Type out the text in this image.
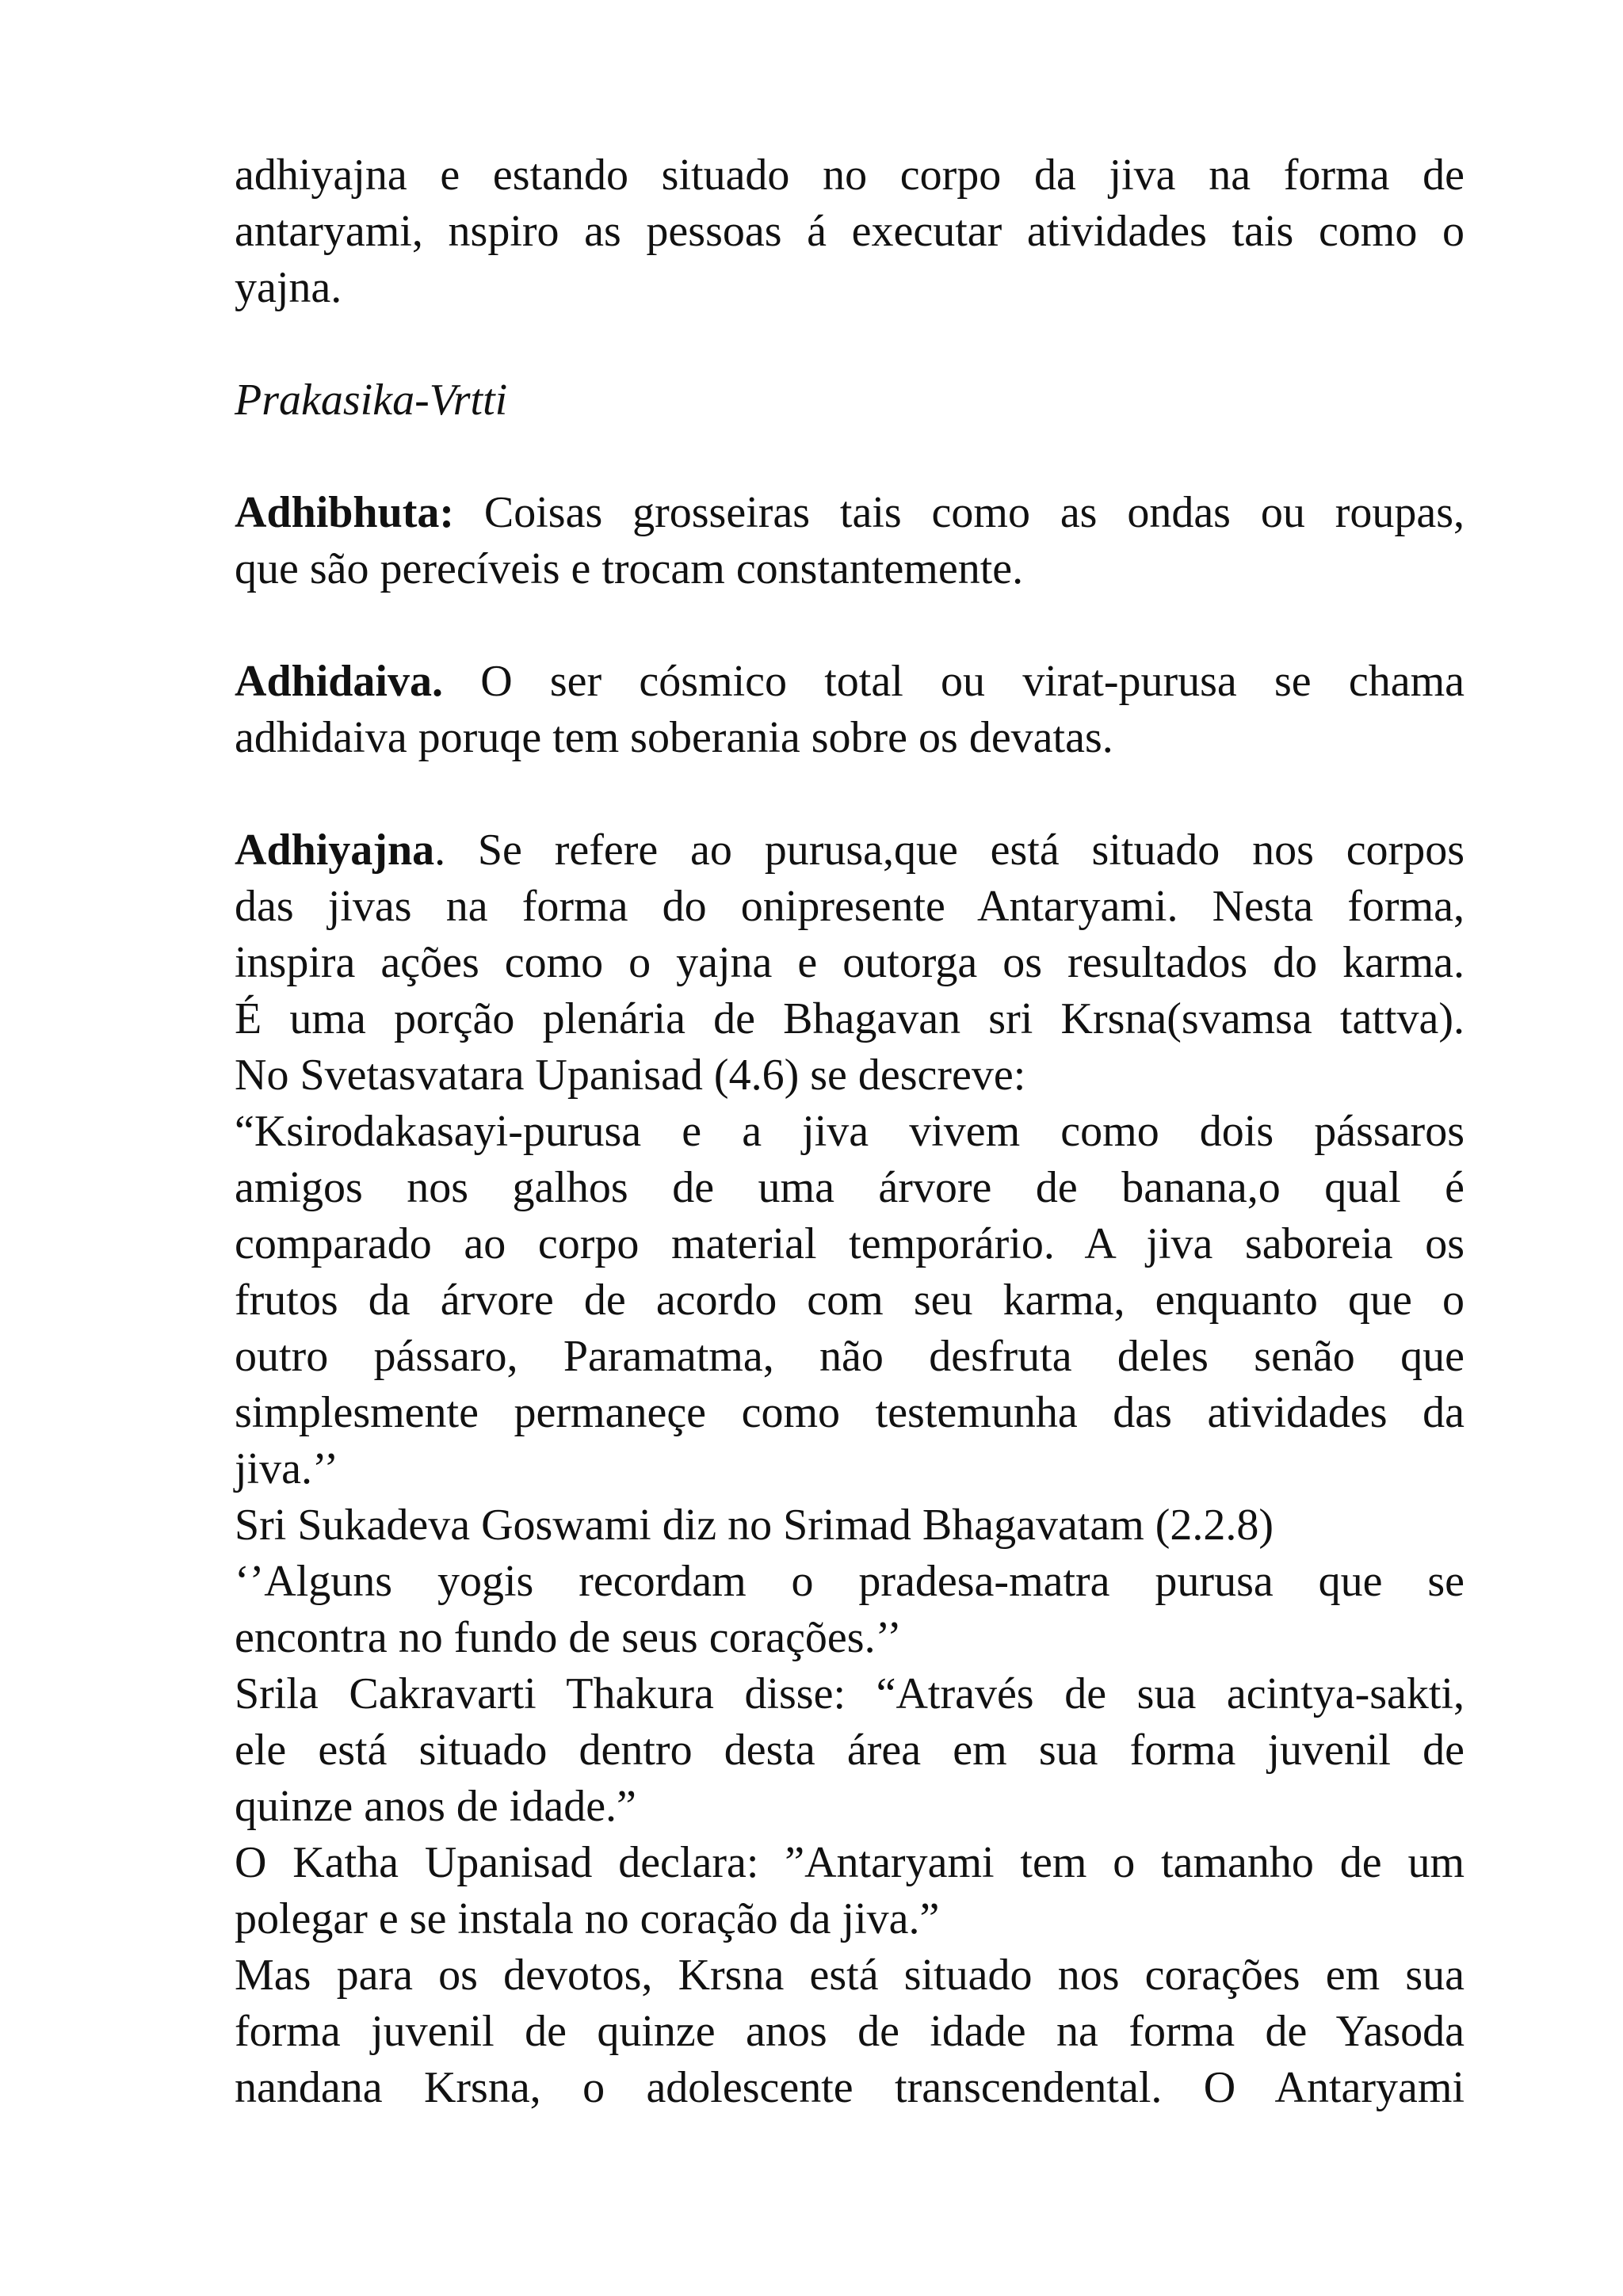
adhiyajna e estando situado no corpo da jiva na forma de
antaryami, nspiro as pessoas á executar atividades tais como o
yajna.

Prakasika-Vrtti

Adhibhuta: Coisas grosseiras tais como as ondas ou roupas,
que são perecíveis e trocam constantemente.

Adhidaiva. O ser cósmico total ou virat-purusa se chama
adhidaiva poruqe tem soberania sobre os devatas.

Adhiyajna. Se refere ao purusa,que está situado nos corpos
das jivas na forma do onipresente Antaryami. Nesta forma,
inspira ações como o yajna e outorga os resultados do karma.
É uma porção plenária de Bhagavan sri Krsna(svamsa tattva).
No Svetasvatara Upanisad (4.6) se descreve:
“Ksirodakasayi-purusa e a jiva vivem como dois pássaros
amigos nos galhos de uma árvore de banana,o qual é
comparado ao corpo material temporário. A jiva saboreia os
frutos da árvore de acordo com seu karma, enquanto que o
outro pássaro, Paramatma, não desfruta deles senão que
simplesmente permaneçe como testemunha das atividades da
jiva.’’
Sri Sukadeva Goswami diz no Srimad Bhagavatam (2.2.8)
‘’Alguns yogis recordam o pradesa-matra purusa que se
encontra no fundo de seus corações.’’
Srila Cakravarti Thakura disse: “Através de sua acintya-sakti,
ele está situado dentro desta área em sua forma juvenil de
quinze anos de idade.”
O Katha Upanisad declara: ”Antaryami tem o tamanho de um
polegar e se instala no coração da jiva.”
Mas para os devotos, Krsna está situado nos corações em sua
forma juvenil de quinze anos de idade na forma de Yasoda
nandana Krsna, o adolescente transcendental. O Antaryami
